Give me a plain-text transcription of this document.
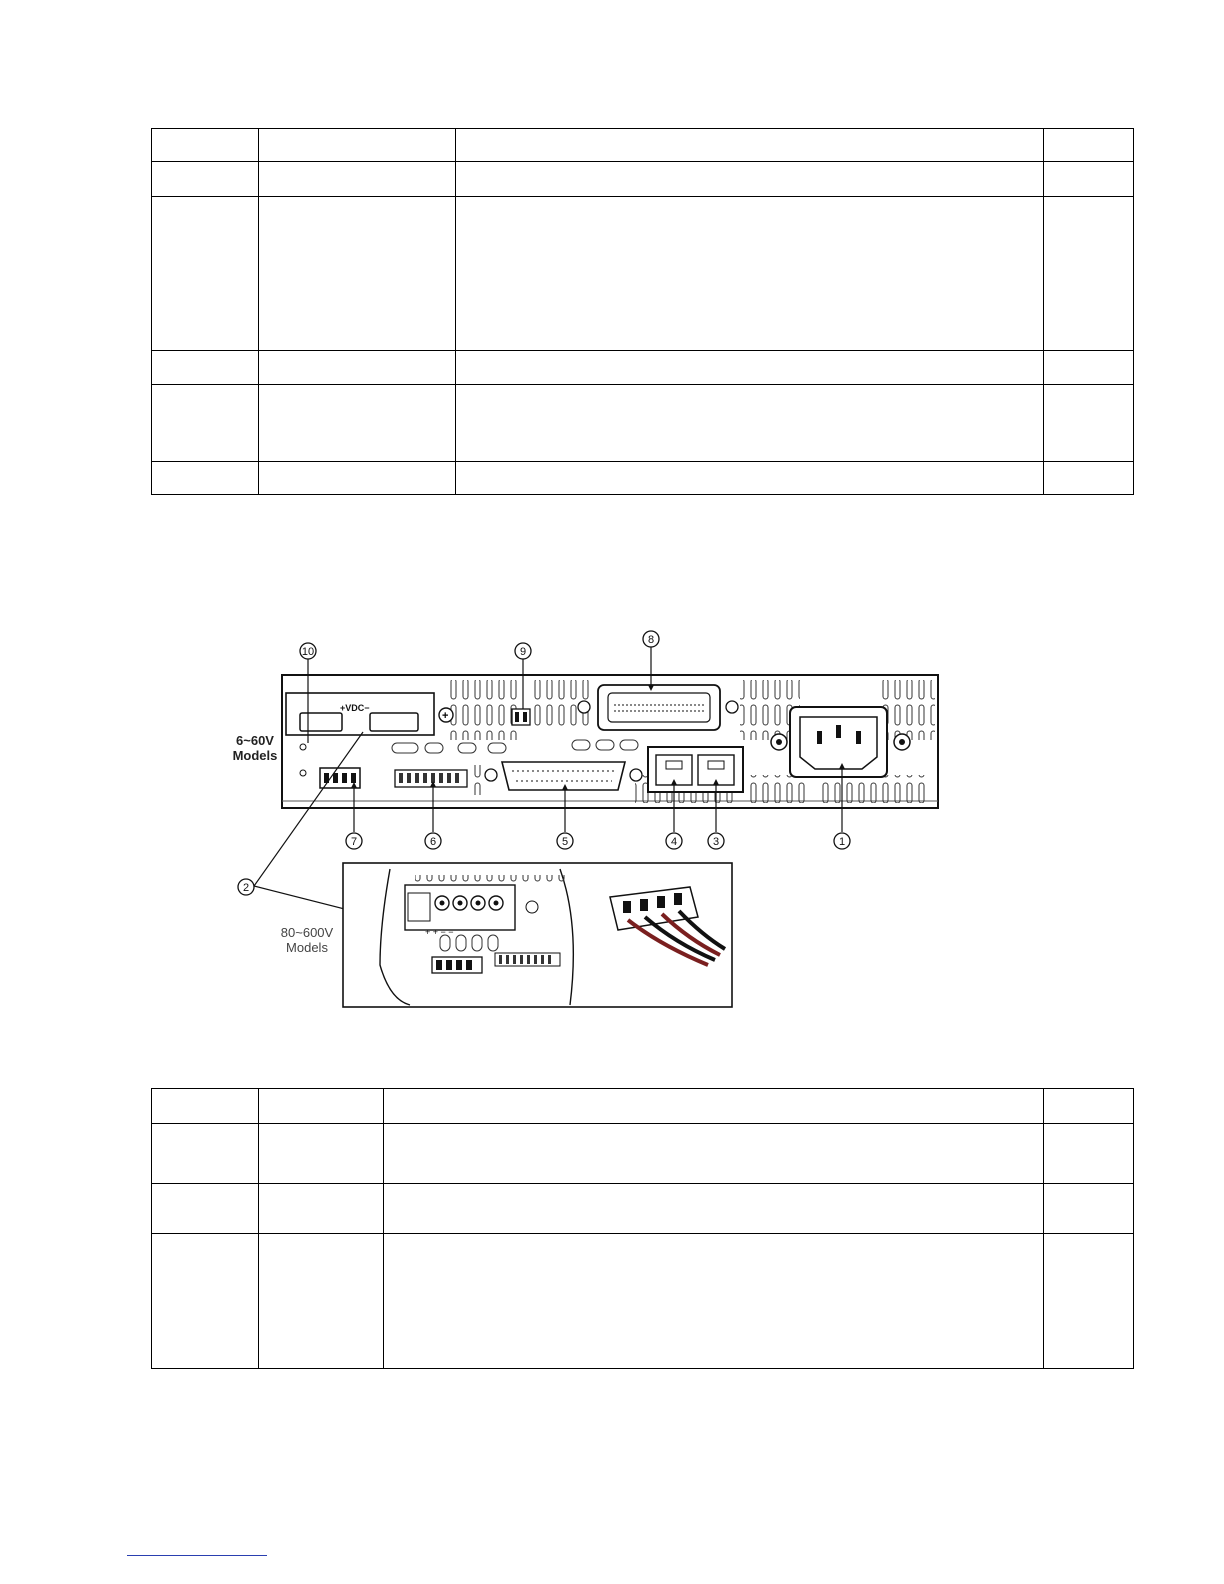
+VDC−
+
10	9
8
7	6	5	4	3	1
2
+ + − −
6~60V
Models
80~600V
Models
